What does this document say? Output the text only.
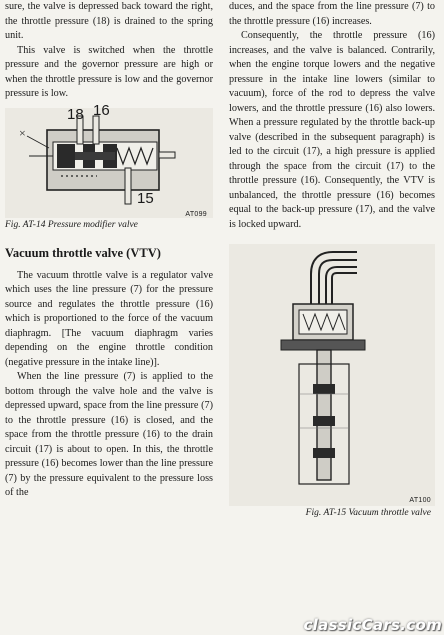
sure, the valve is depressed back toward the right, the throttle pressure (18) is drained to the spring unit.

This valve is switched when the throttle pressure and the governor pressure are high or when the throttle pressure is low and the governor pressure is low.

18 16
15
×
AT099

Fig. AT-14 Pressure modifier valve

Vacuum throttle valve (VTV)

The vacuum throttle valve is a regulator valve which uses the line pressure (7) for the pressure source and regulates the throttle pressure (16) which is proportioned to the force of the vacuum diaphragm. [The vacuum diaphragm varies depending on the engine throttle condition (negative pressure in the intake line)].

When the line pressure (7) is applied to the bottom through the valve hole and the valve is depressed upward, space from the line pressure (7) to the throttle pressure (16) is closed, and the space from the throttle pressure (16) to the drain circuit (17) is about to open. In this, the throttle pressure (16) becomes lower than the line pressure (7) by the pressure equivalent to the pressure loss of the

duces, and the space from the line pressure (7) to the throttle pressure (16) increases.

Consequently, the throttle pressure (16) increases, and the valve is balanced. Contrarily, when the engine torque lowers and the negative pressure in the intake line lowers (similar to vacuum), force of the rod to depress the valve lowers, and the throttle pressure (16) also lowers. When a pressure regulated by the throttle back-up valve (described in the subsequent paragraph) is led to the circuit (17), a high pressure is applied through the space from the circuit (17) to the throttle pressure (16). Consequently, the VTV is unbalanced, the throttle pressure (16) becomes equal to the back-up pressure (17), and the valve is locked upward.

AT100

Fig. AT-15 Vacuum throttle valve

classicCars.com
